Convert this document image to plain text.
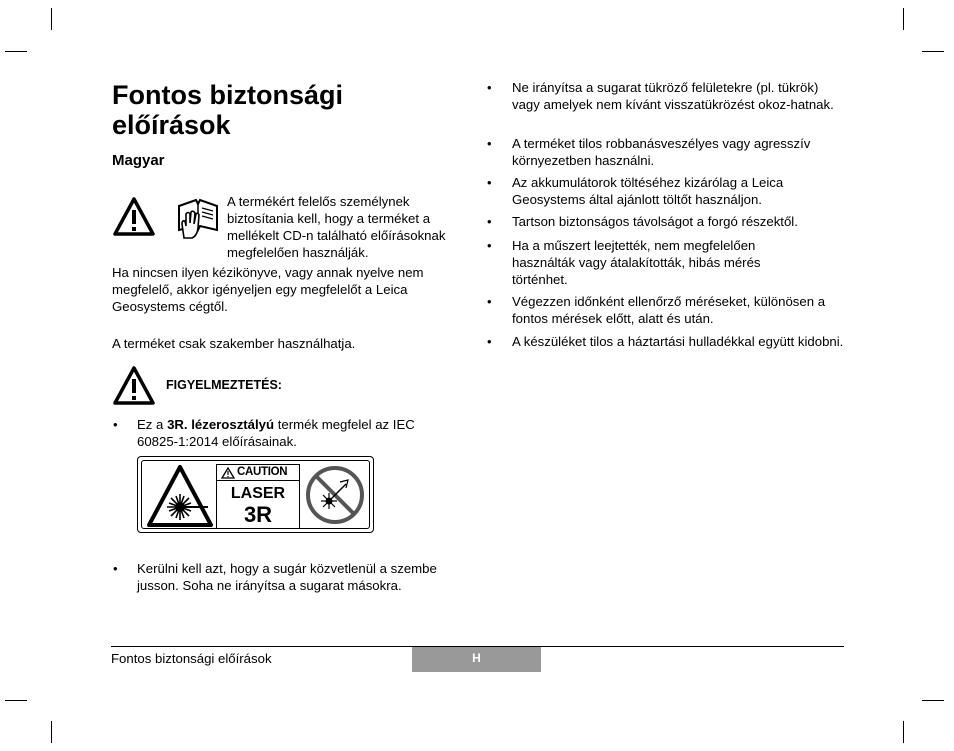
Fontos biztonsági előírások
Magyar

A termékért felelős személynek biztosítania kell, hogy a terméket a mellékelt CD-n található előírásoknak megfelelően használják.

Ha nincsen ilyen kézikönyve, vagy annak nyelve nem megfelelő, akkor igényeljen egy megfelelőt a Leica Geosystems cégtől.

A terméket csak szakember használhatja.

FIGYELMEZTETÉS:
• Ez a 3R. lézerosztályú termék megfelel az IEC 60825-1:2014 előírásainak.

CAUTION
LASER
3R
• Kerülni kell azt, hogy a sugár közvetlenül a szembe jusson. Soha ne irányítsa a sugarat másokra.

• Ne irányítsa a sugarat tükröző felületekre (pl. tükrök) vagy amelyek nem kívánt visszatükrözést okoz-hatnak.

• A terméket tilos robbanásveszélyes vagy agresszív környezetben használni.

• Az akkumulátorok töltéséhez kizárólag a Leica Geosystems által ajánlott töltőt használjon.

• Tartson biztonságos távolságot a forgó részektől.

• Ha a műszert leejtették, nem megfelelően használták vagy átalakították, hibás mérés történhet.

• Végezzen időnként ellenőrző méréseket, különösen a fontos mérések előtt, alatt és után.

• A készüléket tilos a háztartási hulladékkal együtt kidobni.

Fontos biztonsági előírások	H
